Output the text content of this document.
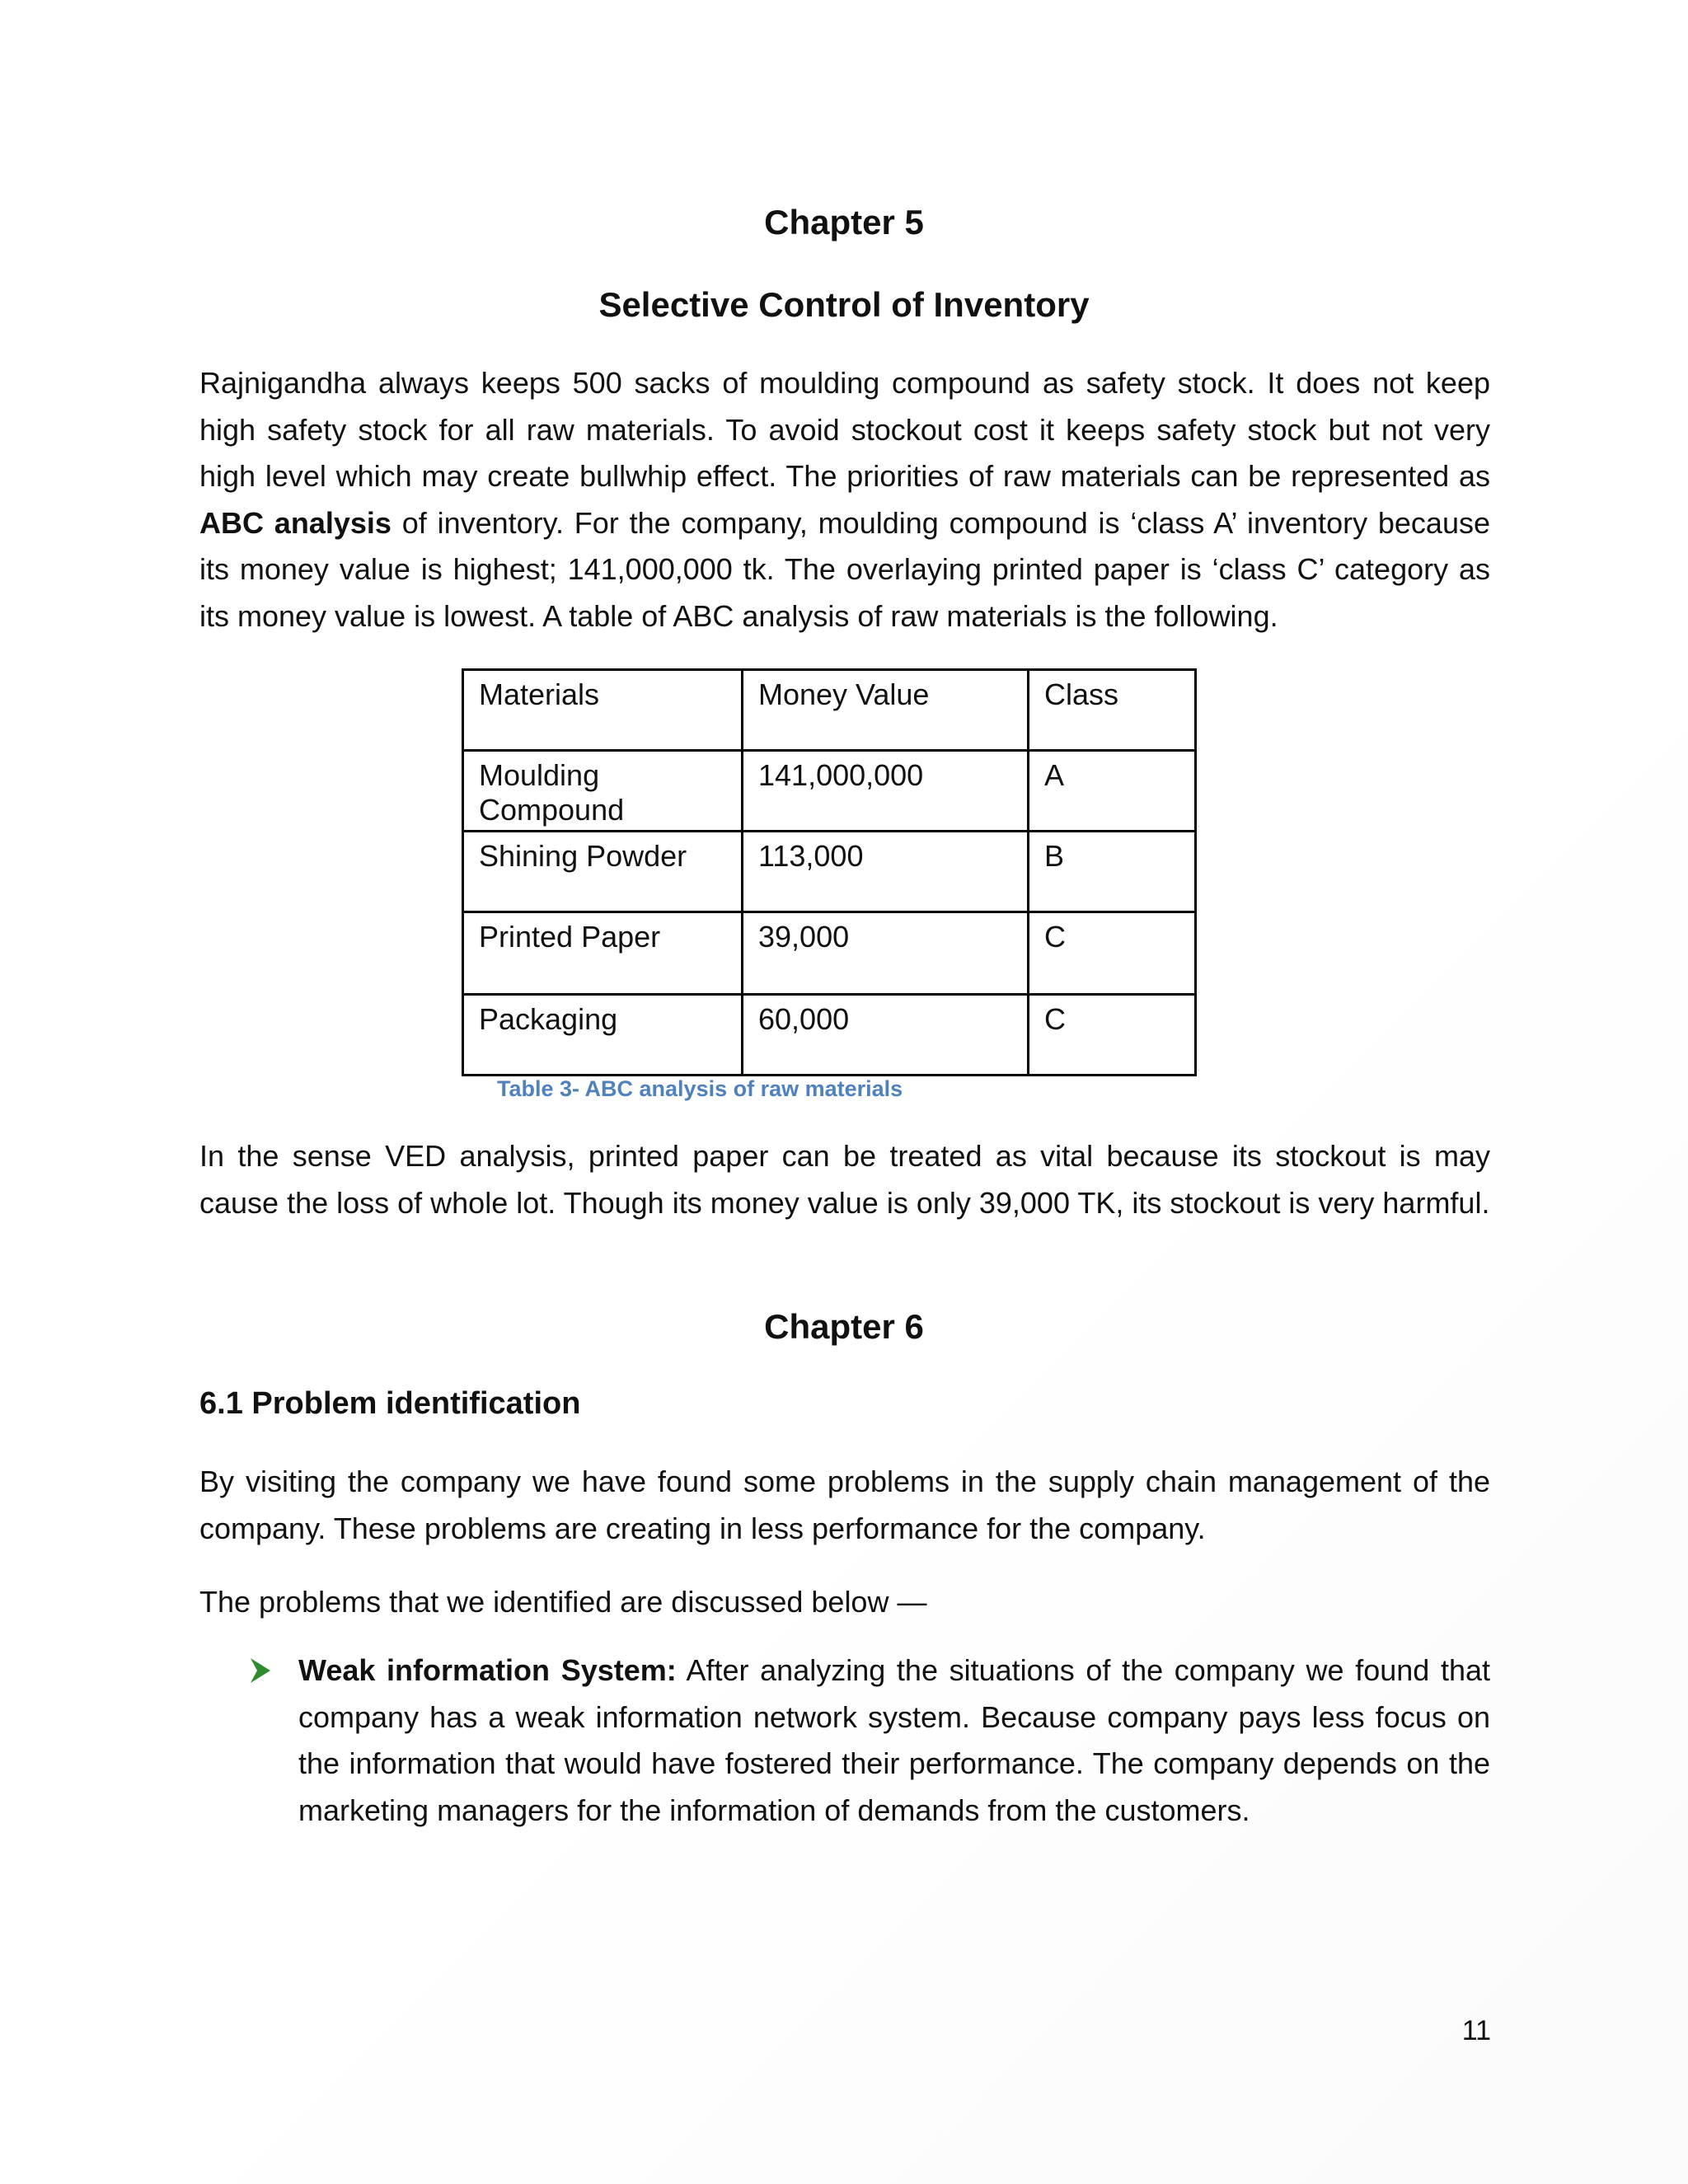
Chapter 5
Selective Control of Inventory

Rajnigandha always keeps 500 sacks of moulding compound as safety stock. It does not keep high safety stock for all raw materials. To avoid stockout cost it keeps safety stock but not very high level which may create bullwhip effect. The priorities of raw materials can be represented as ABC analysis of inventory. For the company, moulding compound is ‘class A’ inventory because its money value is highest; 141,000,000 tk. The overlaying printed paper is ‘class C’ category as its money value is lowest. A table of ABC analysis of raw materials is the following.

Materials	Money Value	Class
Moulding Compound	141,000,000	A
Shining Powder	113,000	B
Printed Paper	39,000	C
Packaging	60,000	C
Table 3- ABC analysis of raw materials

In the sense VED analysis, printed paper can be treated as vital because its stockout is may cause the loss of whole lot. Though its money value is only 39,000 TK, its stockout is very harmful.

Chapter 6
6.1 Problem identification

By visiting the company we have found some problems in the supply chain management of the company. These problems are creating in less performance for the company.

The problems that we identified are discussed below —

Weak information System: After analyzing the situations of the company we found that company has a weak information network system. Because company pays less focus on the information that would have fostered their performance. The company depends on the marketing managers for the information of demands from the customers.

11
